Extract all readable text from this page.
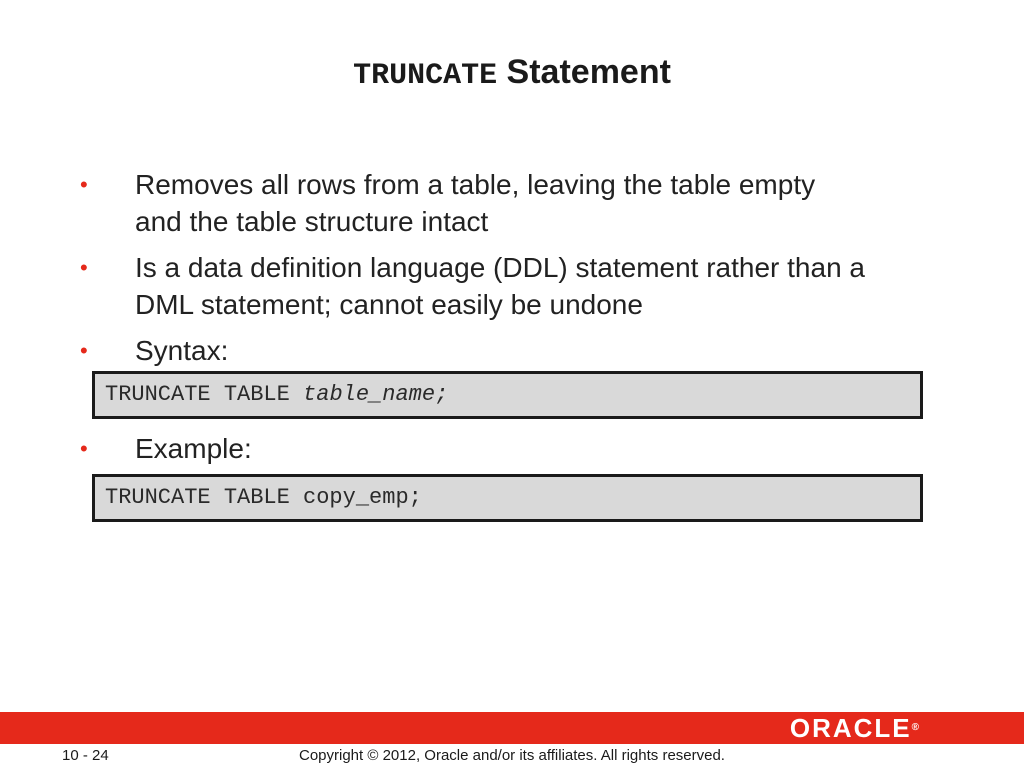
TRUNCATE Statement
•	Removes all rows from a table, leaving the table empty
and the table structure intact
•	Is a data definition language (DDL) statement rather than a
DML statement; cannot easily be undone
•	Syntax:
TRUNCATE TABLE table_name;
•	Example:
TRUNCATE TABLE copy_emp;
ORACLE®
Copyright © 2012, Oracle and/or its affiliates. All rights reserved.
10 - 24
